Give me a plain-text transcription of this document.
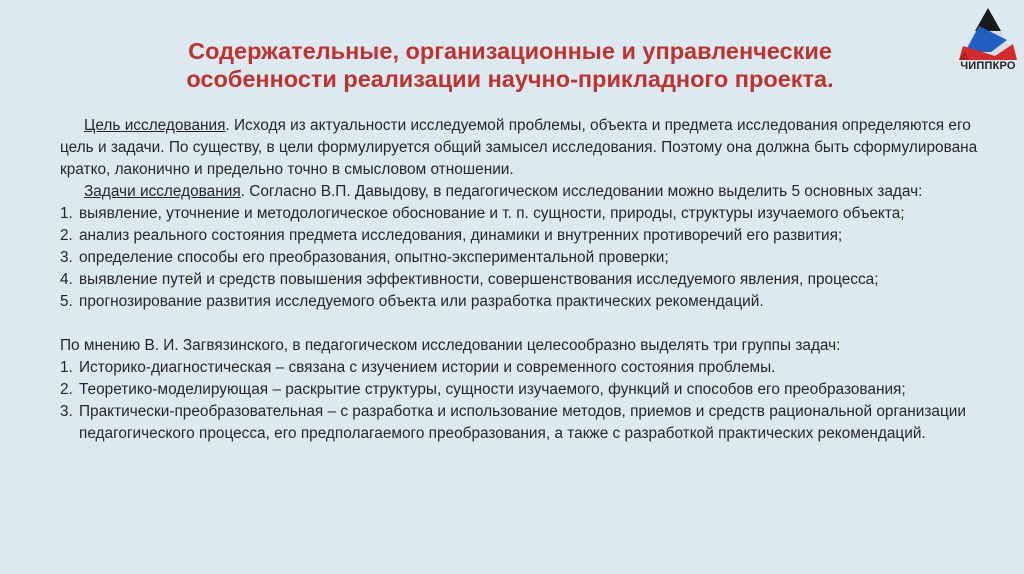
Содержательные, организационные и управленческие
особенности реализации научно-прикладного проекта.	ЧИППКРО

Цель исследования. Исходя из актуальности исследуемой проблемы, объекта и предмета исследования определяются его цель и задачи. По существу, в цели формулируется общий замысел исследования. Поэтому она должна быть сформулирована кратко, лаконично и предельно точно в смысловом отношении.

Задачи исследования. Согласно В.П. Давыдову, в педагогическом исследовании можно выделить 5 основных задач:

1. выявление, уточнение и методологическое обоснование и т. п. сущности, природы, структуры изучаемого объекта;
2. анализ реального состояния предмета исследования, динамики и внутренних противоречий его развития;
3. определение способы его преобразования, опытно-экспериментальной проверки;
4. выявление путей и средств повышения эффективности, совершенствования исследуемого явления, процесса;
5. прогнозирование развития исследуемого объекта или разработка практических рекомендаций.

По мнению В. И. Загвязинского, в педагогическом исследовании целесообразно выделять три группы задач:

1. Историко-диагностическая – связана с изучением истории и современного состояния проблемы.
2. Теоретико-моделирующая – раскрытие структуры, сущности изучаемого, функций и способов его преобразования;
3. Практически-преобразовательная – с разработка и использование методов, приемов и средств рациональной организации педагогического процесса, его предполагаемого преобразования, а также с разработкой практических рекомендаций.
